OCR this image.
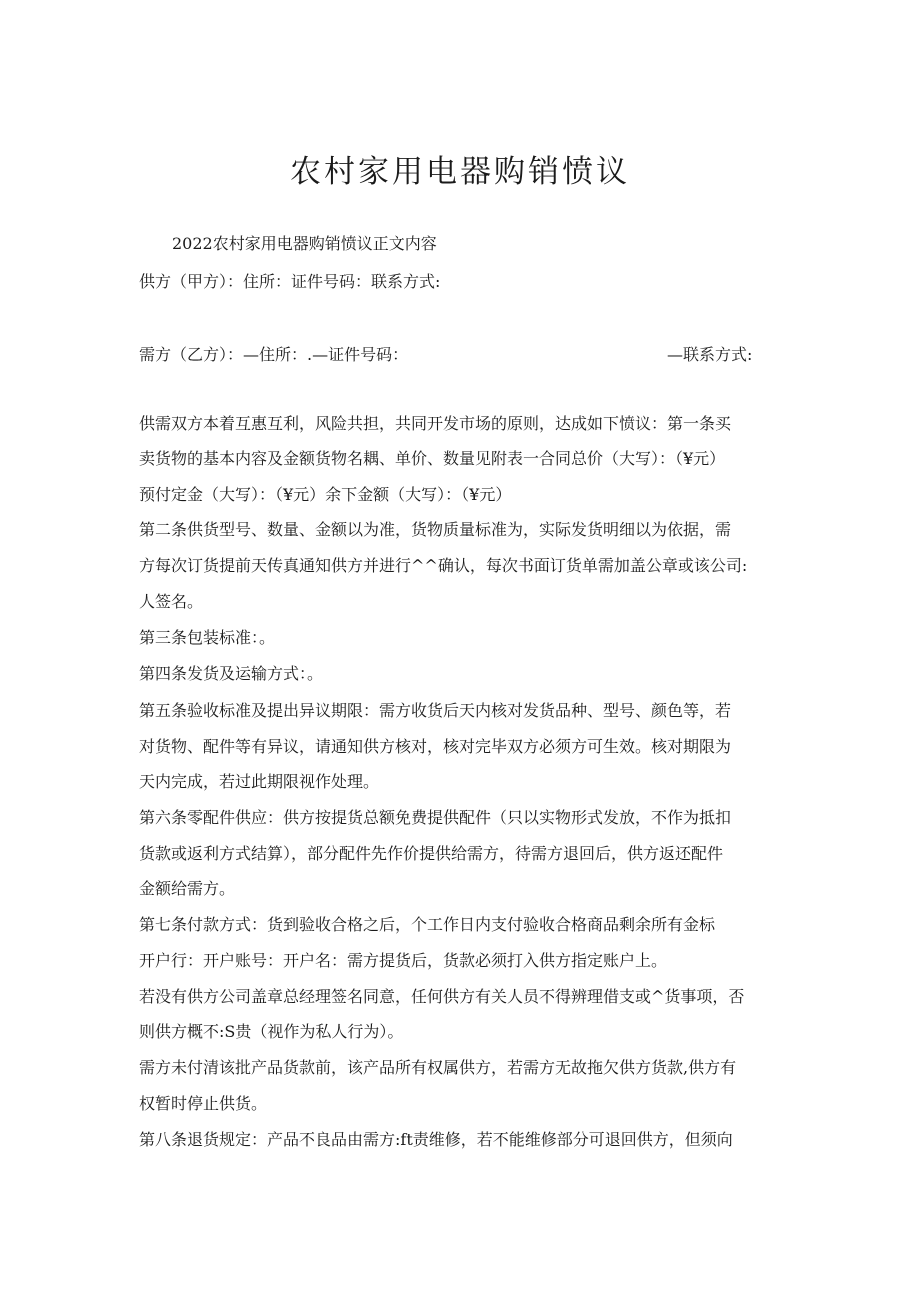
农村家用电器购销愤议
2022农村家用电器购销愤议正文内容
供方（甲方）：住所：证件号码：联系方式:
需方（乙方）：—住所：.—证件号码：	—联系方式:
供需双方本着互惠互利，风险共担，共同开发市场的原则，达成如下愤议：第一条买
卖货物的基本内容及金额货物名耦、单价、数量见附表一合同总价（大写）：（¥元）
预付定金（大写）：（¥元）余下金额（大写）：（¥元）
第二条供货型号、数量、金额以为准，货物质量标准为，实际发货明细以为依据，需
方每次订货提前天传真通知供方并进行^^确认，每次书面订货单需加盖公章或该公司:
人签名。
第三条包装标准：。
第四条发货及运输方式：。
第五条验收标准及提出异议期限：需方收货后天内核对发货品种、型号、颜色等，若
对货物、配件等有异议，请通知供方核对，核对完毕双方必须方可生效。核对期限为
天内完成，若过此期限视作处理。
第六条零配件供应：供方按提货总额免费提供配件（只以实物形式发放，不作为抵扣
货款或返利方式结算），部分配件先作价提供给需方，待需方退回后，供方返还配件
金额给需方。
第七条付款方式：货到验收合格之后，个工作日内支付验收合格商品剩余所有金标
开户行：开户账号：开户名：需方提货后，货款必须打入供方指定账户上。
若没有供方公司盖章总经理签名同意，任何供方有关人员不得辨理借支或^货事项，否
则供方概不:S贵（视作为私人行为）。
需方未付清该批产品货款前，该产品所有权属供方，若需方无故拖欠供方货款,供方有
权暂时停止供货。
第八条退货规定：产品不良品由需方:ft责维修，若不能维修部分可退回供方，但须向
